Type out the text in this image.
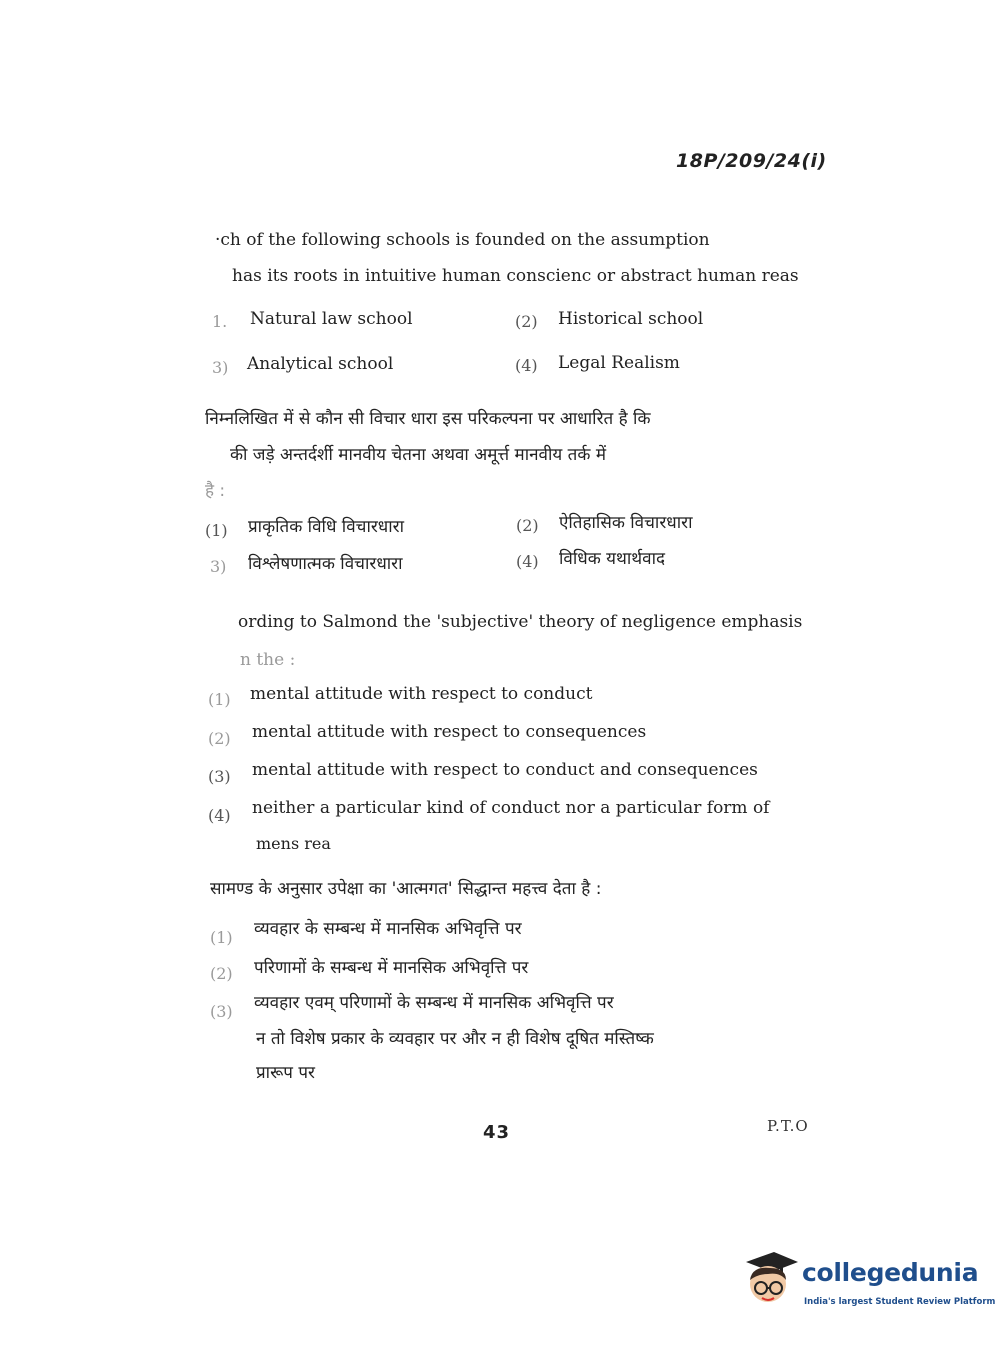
18P/209/24(i)
·ch of the following schools is founded on the assumption
has its roots in intuitive human conscienc or abstract human reas
1. Natural law school	(2) Historical school
3) Analytical school	(4) Legal Realism
निम्नलिखित में से कौन सी विचार धारा इस परिकल्पना पर आधारित है कि
की जड़े अन्तर्दर्शी मानवीय चेतना अथवा अमूर्त्त मानवीय तर्क में
है :
(1) प्राकृतिक विधि विचारधारा	(2) ऐतिहासिक विचारधारा
3) विश्लेषणात्मक विचारधारा	(4) विधिक यथार्थवाद
ording to Salmond the 'subjective' theory of negligence emphasis
n the :
(1) mental attitude with respect to conduct
(2) mental attitude with respect to consequences
(3) mental attitude with respect to conduct and consequences
(4) neither a particular kind of conduct nor a particular form of
mens rea
सामण्ड के अनुसार उपेक्षा का 'आत्मगत' सिद्धान्त महत्त्व देता है :
(1) व्यवहार के सम्बन्ध में मानसिक अभिवृत्ति पर
(2) परिणामों के सम्बन्ध में मानसिक अभिवृत्ति पर
(3) व्यवहार एवम् परिणामों के सम्बन्ध में मानसिक अभिवृत्ति पर
न तो विशेष प्रकार के व्यवहार पर और न ही विशेष दूषित मस्तिष्क
प्रारूप पर
43	P.T.O
collegedunia
India's largest Student Review Platform
